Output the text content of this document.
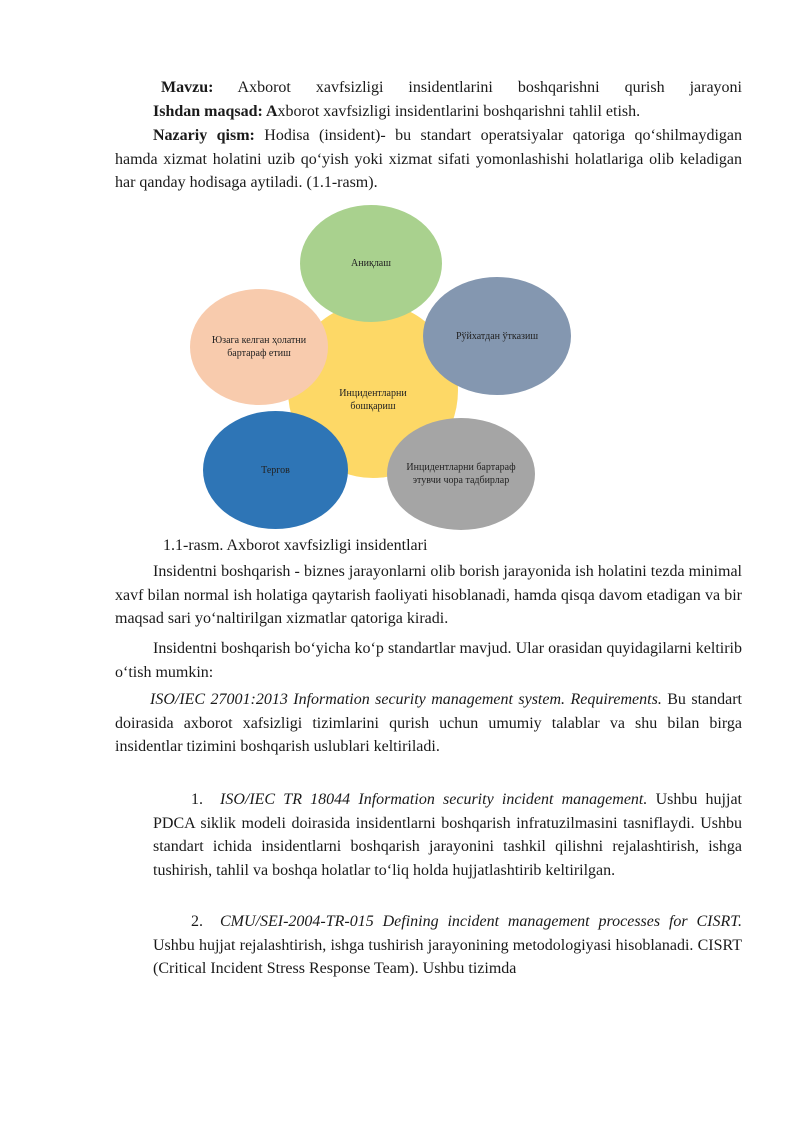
Mavzu: Axborot xavfsizligi insidentlarini boshqarishni qurish jarayoni

Ishdan maqsad: Axborot xavfsizligi insidentlarini boshqarishni tahlil etish.

Nazariy qism: Hodisa (insident)- bu standart operatsiyalar qatoriga qo‘shilmaydigan hamda xizmat holatini uzib qo‘yish yoki xizmat sifati yomonlashishi holatlariga olib keladigan har qanday hodisaga aytiladi. (1.1-rasm).

Инцидентларни бошқариш
Аниқлаш
Рўйхатдан ўтказиш
Инцидентларни бартараф этувчи чора тадбирлар
Тергов
Юзага келган ҳолатни бартараф етиш

1.1-rasm. Axborot xavfsizligi insidentlari

Insidentni boshqarish - biznes jarayonlarni olib borish jarayonida ish holatini tezda minimal xavf bilan normal ish holatiga qaytarish faoliyati hisoblanadi, hamda qisqa davom etadigan va bir maqsad sari yo‘naltirilgan xizmatlar qatoriga kiradi.

Insidentni boshqarish bo‘yicha ko‘p standartlar mavjud. Ular orasidan quyidagilarni keltirib o‘tish mumkin:

ISO/IEC 27001:2013 Information security management system. Requirements. Bu standart doirasida axborot xafsizligi tizimlarini qurish uchun umumiy talablar va shu bilan birga insidentlar tizimini boshqarish uslublari keltiriladi.

1. ISO/IEC TR 18044 Information security incident management. Ushbu hujjat PDCA siklik modeli doirasida insidentlarni boshqarish infratuzilmasini tasniflaydi. Ushbu standart ichida insidentlarni boshqarish jarayonini tashkil qilishni rejalashtirish, ishga tushirish, tahlil va boshqa holatlar to‘liq holda hujjatlashtirib keltirilgan.

2. CMU/SEI-2004-TR-015 Defining incident management processes for CISRT. Ushbu hujjat rejalashtirish, ishga tushirish jarayonining metodologiyasi hisoblanadi. CISRT (Critical Incident Stress Response Team). Ushbu tizimda
